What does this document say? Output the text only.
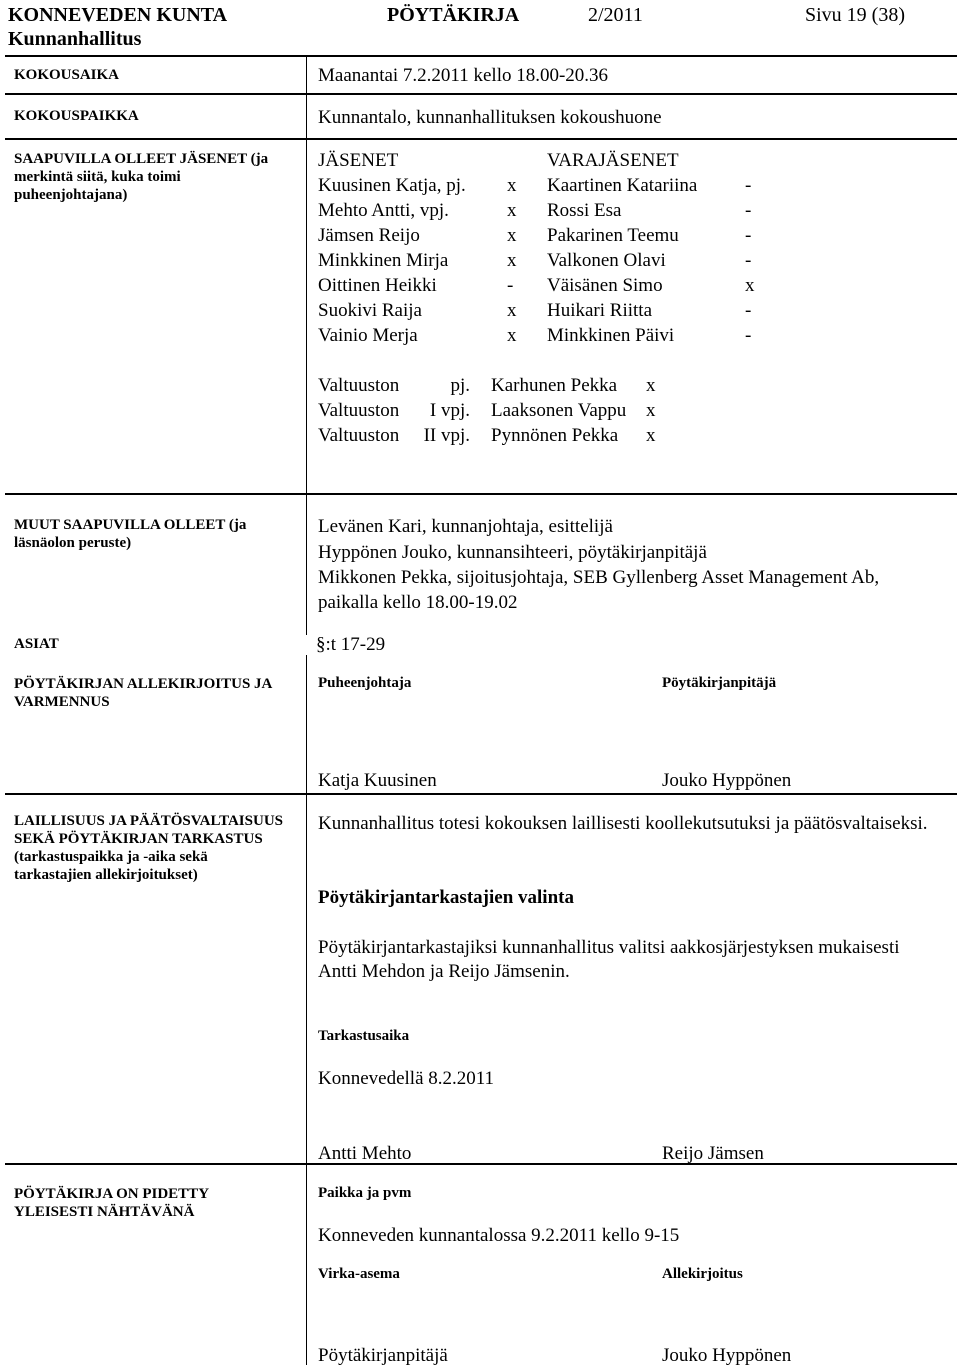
KONNEVEDEN KUNTA	PÖYTÄKIRJA	2/2011	Sivu 19 (38)
Kunnanhallitus
KOKOUSAIKA	Maanantai 7.2.2011 kello 18.00-20.36
KOKOUSPAIKKA	Kunnantalo, kunnanhallituksen kokoushuone
SAAPUVILLA OLLEET JÄSENET (ja merkintä siitä, kuka toimi puheenjohtajana)
JÄSENET	VARAJÄSENET
Kuusinen Katja, pj. x Kaartinen Katariina	-
Mehto Antti, vpj.	x Rossi Esa	-
Jämsen Reijo	x Pakarinen Teemu	-
Minkkinen Mirja	x Valkonen Olavi	-
Oittinen Heikki	- Väisänen Simo	x
Suokivi Raija	x Huikari Riitta	-
Vainio Merja	x Minkkinen Päivi	-
Valtuuston	pj. Karhunen Pekka x
Valtuuston I vpj. Laaksonen Vappu x
Valtuuston II vpj. Pynnönen Pekka x
MUUT SAAPUVILLA OLLEET (ja läsnäolon peruste)
Levänen Kari, kunnanjohtaja, esittelijä
Hyppönen Jouko, kunnansihteeri, pöytäkirjanpitäjä
Mikkonen Pekka, sijoitusjohtaja, SEB Gyllenberg Asset Management Ab,
paikalla kello 18.00-19.02
ASIAT	§:t 17-29
PÖYTÄKIRJAN ALLEKIRJOITUS JA VARMENNUS
Puheenjohtaja	Pöytäkirjanpitäjä
Katja Kuusinen	Jouko Hyppönen
LAILLISUUS JA PÄÄTÖSVALTAISUUS SEKÄ PÖYTÄKIRJAN TARKASTUS (tarkastuspaikka ja -aika sekä tarkastajien allekirjoitukset)
Kunnanhallitus totesi kokouksen laillisesti koollekutsutuksi ja päätösvaltaiseksi.
Pöytäkirjantarkastajien valinta
Pöytäkirjantarkastajiksi kunnanhallitus valitsi aakkosjärjestyksen mukaisesti Antti Mehdon ja Reijo Jämsenin.
Tarkastusaika
Konnevedellä 8.2.2011
Antti Mehto	Reijo Jämsen
PÖYTÄKIRJA ON PIDETTY YLEISESTI NÄHTÄVÄNÄ
Paikka ja pvm
Konneveden kunnantalossa 9.2.2011 kello 9-15
Virka-asema	Allekirjoitus
Pöytäkirjanpitäjä	Jouko Hyppönen
